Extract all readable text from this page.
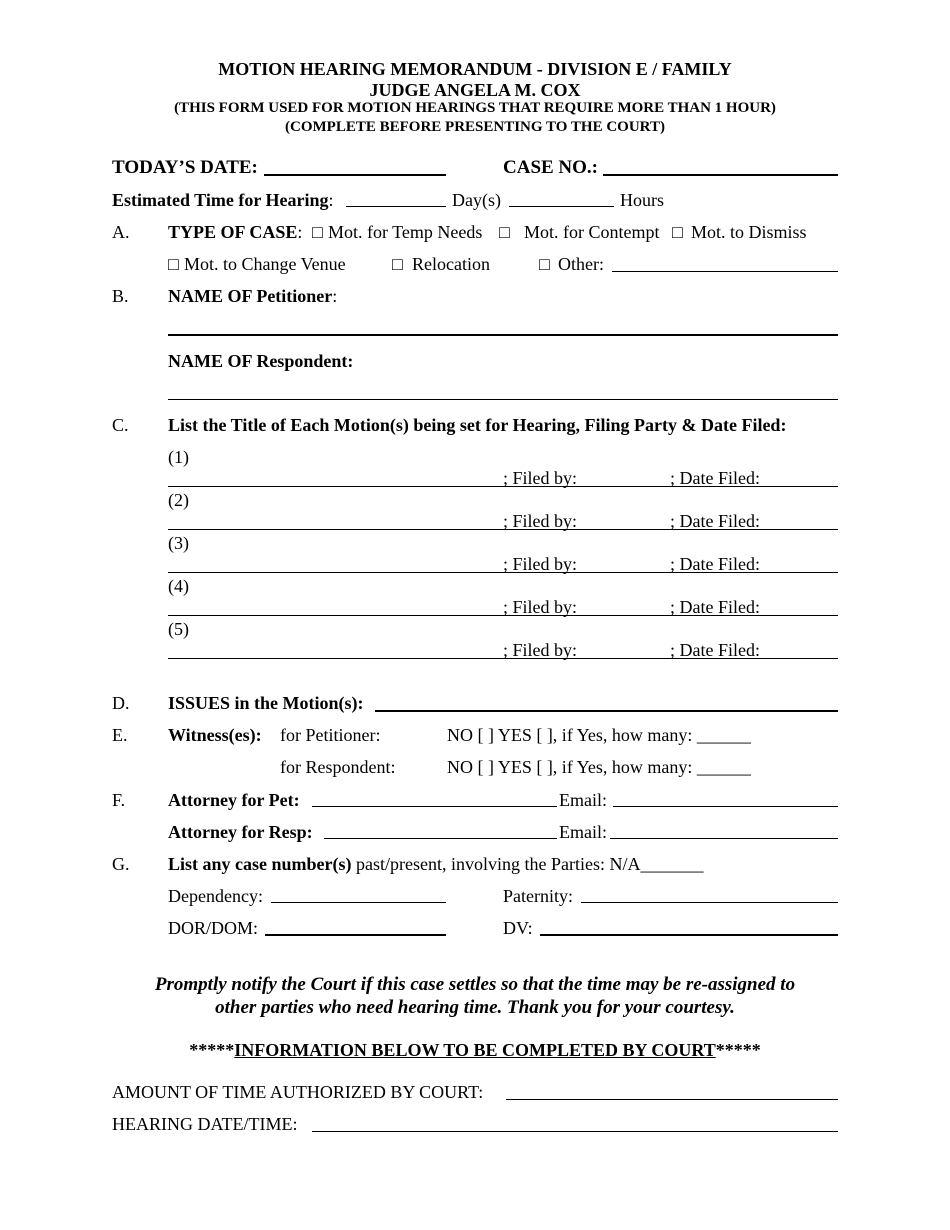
MOTION HEARING MEMORANDUM - DIVISION E / FAMILY
JUDGE ANGELA M. COX
(THIS FORM USED FOR MOTION HEARINGS THAT REQUIRE MORE THAN 1 HOUR)
(COMPLETE BEFORE PRESENTING TO THE COURT)
TODAY’S DATE:	CASE NO.:
Estimated Time for Hearing:	Day(s)	Hours
A. TYPE OF CASE: □ Mot. for Temp Needs □ Mot. for Contempt □ Mot. to Dismiss
□ Mot. to Change Venue	□ Relocation	□ Other:
B. NAME OF Petitioner:
NAME OF Respondent:
C. List the Title of Each Motion(s) being set for Hearing, Filing Party & Date Filed:
(1)
; Filed by:	; Date Filed:
(2)
; Filed by:	; Date Filed:
(3)
; Filed by:	; Date Filed:
(4)
; Filed by:	; Date Filed:
(5)
; Filed by:	; Date Filed:
D. ISSUES in the Motion(s):
E. Witness(es): for Petitioner:	NO [ ] YES [ ], if Yes, how many: ______
for Respondent:	NO [ ] YES [ ], if Yes, how many: ______
F. Attorney for Pet:	Email:
Attorney for Resp:	Email:
G. List any case number(s) past/present, involving the Parties: N/A_______
Dependency:	Paternity:
DOR/DOM:	DV:
Promptly notify the Court if this case settles so that the time may be re-assigned to
other parties who need hearing time. Thank you for your courtesy.
*****INFORMATION BELOW TO BE COMPLETED BY COURT*****
AMOUNT OF TIME AUTHORIZED BY COURT:
HEARING DATE/TIME:
